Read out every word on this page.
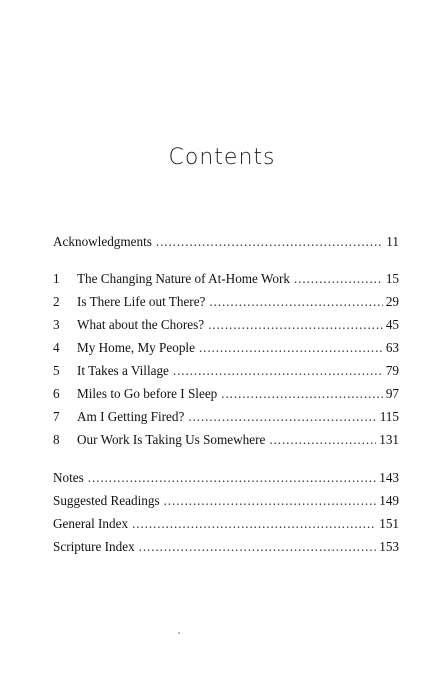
Contents
Acknowledgments . . .	11
1	The Changing Nature of At-Home Work . . .	15
2	Is There Life out There? . . .	29
3	What about the Chores? . . .	45
4	My Home, My People . . .	63
5	It Takes a Village . . .	79
6	Miles to Go before I Sleep . . .	97
7	Am I Getting Fired? . . .	115
8	Our Work Is Taking Us Somewhere . . .	131
Notes . . .	143
Suggested Readings . . .	149
General Index . . .	151
Scripture Index . . .	153
